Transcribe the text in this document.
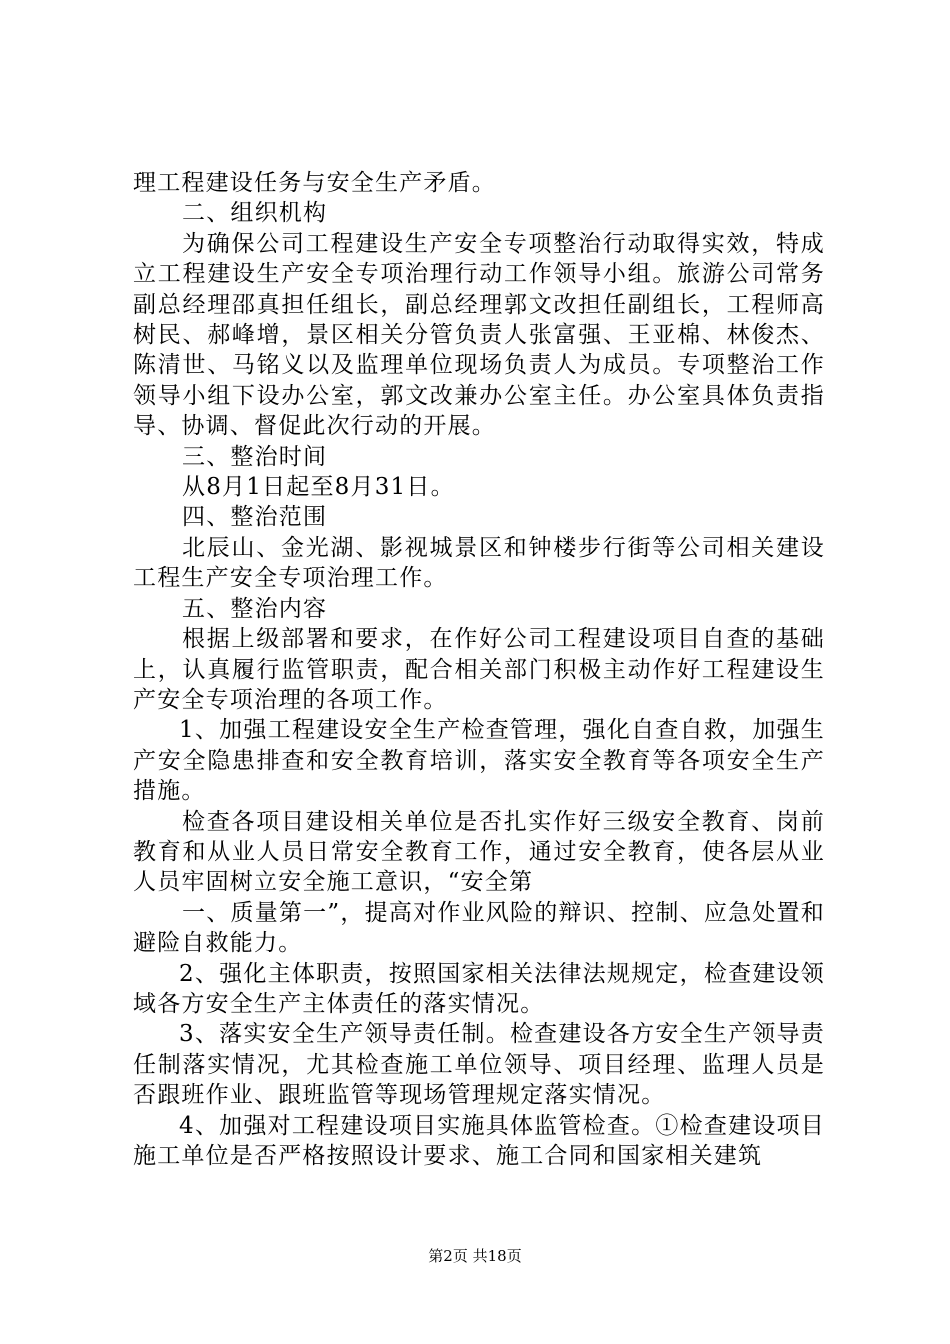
理工程建设任务与安全生产矛盾。

二、组织机构

为确保公司工程建设生产安全专项整治行动取得实效，特成立工程建设生产安全专项治理行动工作领导小组。旅游公司常务副总经理邵真担任组长，副总经理郭文改担任副组长，工程师高树民、郝峰增，景区相关分管负责人张富强、王亚棉、林俊杰、陈清世、马铭义以及监理单位现场负责人为成员。专项整治工作领导小组下设办公室，郭文改兼办公室主任。办公室具体负责指导、协调、督促此次行动的开展。

三、整治时间

从8月1日起至8月31日。

四、整治范围

北辰山、金光湖、影视城景区和钟楼步行街等公司相关建设工程生产安全专项治理工作。

五、整治内容

根据上级部署和要求，在作好公司工程建设项目自查的基础上，认真履行监管职责，配合相关部门积极主动作好工程建设生产安全专项治理的各项工作。

1、加强工程建设安全生产检查管理，强化自查自救，加强生产安全隐患排查和安全教育培训，落实安全教育等各项安全生产措施。

检查各项目建设相关单位是否扎实作好三级安全教育、岗前教育和从业人员日常安全教育工作，通过安全教育，使各层从业人员牢固树立安全施工意识，“安全第

一、质量第一”，提高对作业风险的辩识、控制、应急处置和避险自救能力。

2、强化主体职责，按照国家相关法律法规规定，检查建设领域各方安全生产主体责任的落实情况。

3、落实安全生产领导责任制。检查建设各方安全生产领导责任制落实情况，尤其检查施工单位领导、项目经理、监理人员是否跟班作业、跟班监管等现场管理规定落实情况。

4、加强对工程建设项目实施具体监管检查。①检查建设项目施工单位是否严格按照设计要求、施工合同和国家相关建筑

第2页 共18页
